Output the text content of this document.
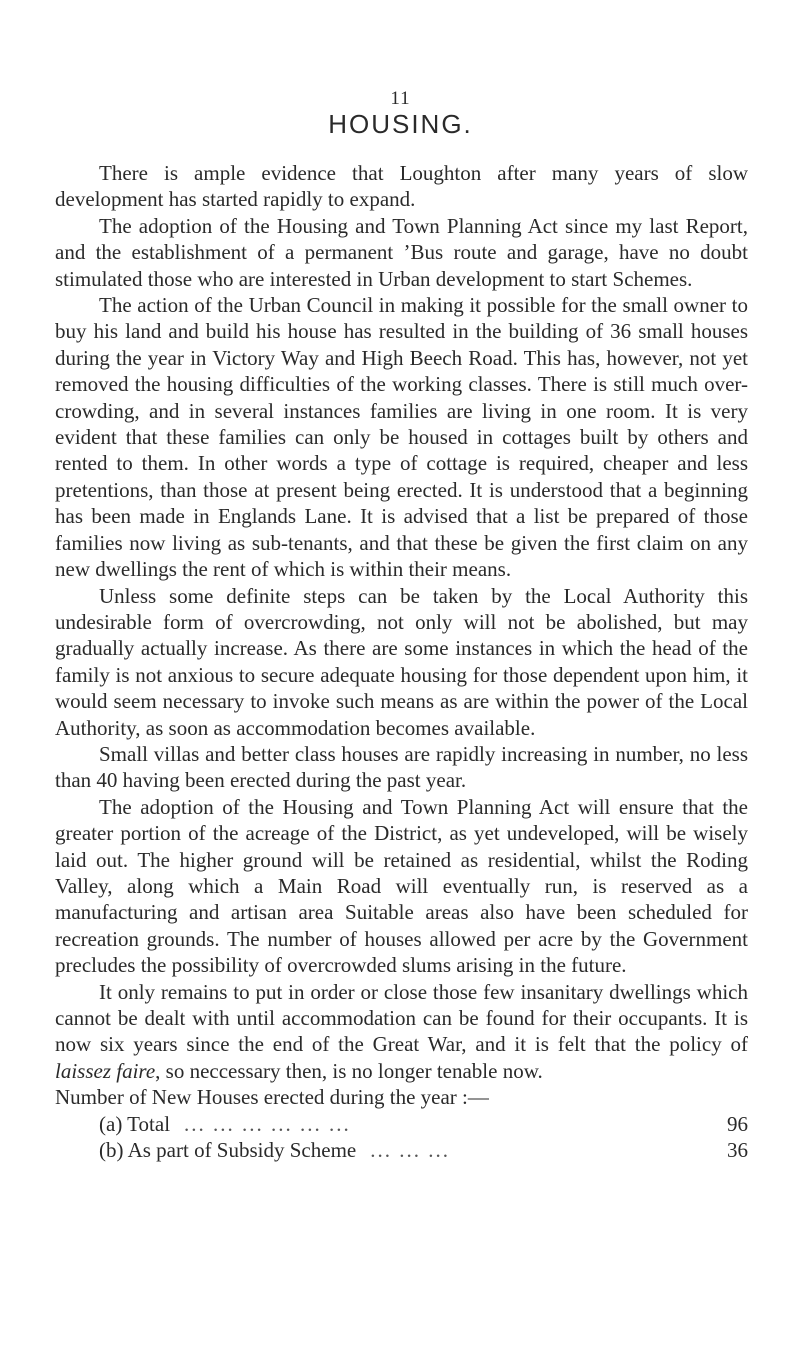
11
HOUSING.

There is ample evidence that Loughton after many years of slow development has started rapidly to expand.

The adoption of the Housing and Town Planning Act since my last Report, and the establishment of a permanent ’Bus route and garage, have no doubt stimulated those who are interested in Urban development to start Schemes.

The action of the Urban Council in making it possible for the small owner to buy his land and build his house has resulted in the building of 36 small houses during the year in Victory Way and High Beech Road. This has, however, not yet removed the housing difficulties of the working classes. There is still much over-crowding, and in several instances families are living in one room. It is very evident that these families can only be housed in cottages built by others and rented to them. In other words a type of cottage is required, cheaper and less pretentions, than those at present being erected. It is understood that a beginning has been made in Englands Lane. It is advised that a list be prepared of those families now living as sub-tenants, and that these be given the first claim on any new dwellings the rent of which is within their means.

Unless some definite steps can be taken by the Local Authority this undesirable form of overcrowding, not only will not be abolished, but may gradually actually increase. As there are some instances in which the head of the family is not anxious to secure adequate housing for those dependent upon him, it would seem necessary to invoke such means as are within the power of the Local Authority, as soon as accommodation becomes available.

Small villas and better class houses are rapidly increasing in number, no less than 40 having been erected during the past year.

The adoption of the Housing and Town Planning Act will ensure that the greater portion of the acreage of the District, as yet undeveloped, will be wisely laid out. The higher ground will be retained as residential, whilst the Roding Valley, along which a Main Road will eventually run, is reserved as a manufacturing and artisan area Suitable areas also have been scheduled for recreation grounds. The number of houses allowed per acre by the Government precludes the possibility of overcrowded slums arising in the future.

It only remains to put in order or close those few insanitary dwellings which cannot be dealt with until accommodation can be found for their occupants. It is now six years since the end of the Great War, and it is felt that the policy of laissez faire, so neccessary then, is no longer tenable now.

Number of New Houses erected during the year :—

(a) Total ... ... ... ... ... ...	96
(b) As part of Subsidy Scheme ... ... ...	36
